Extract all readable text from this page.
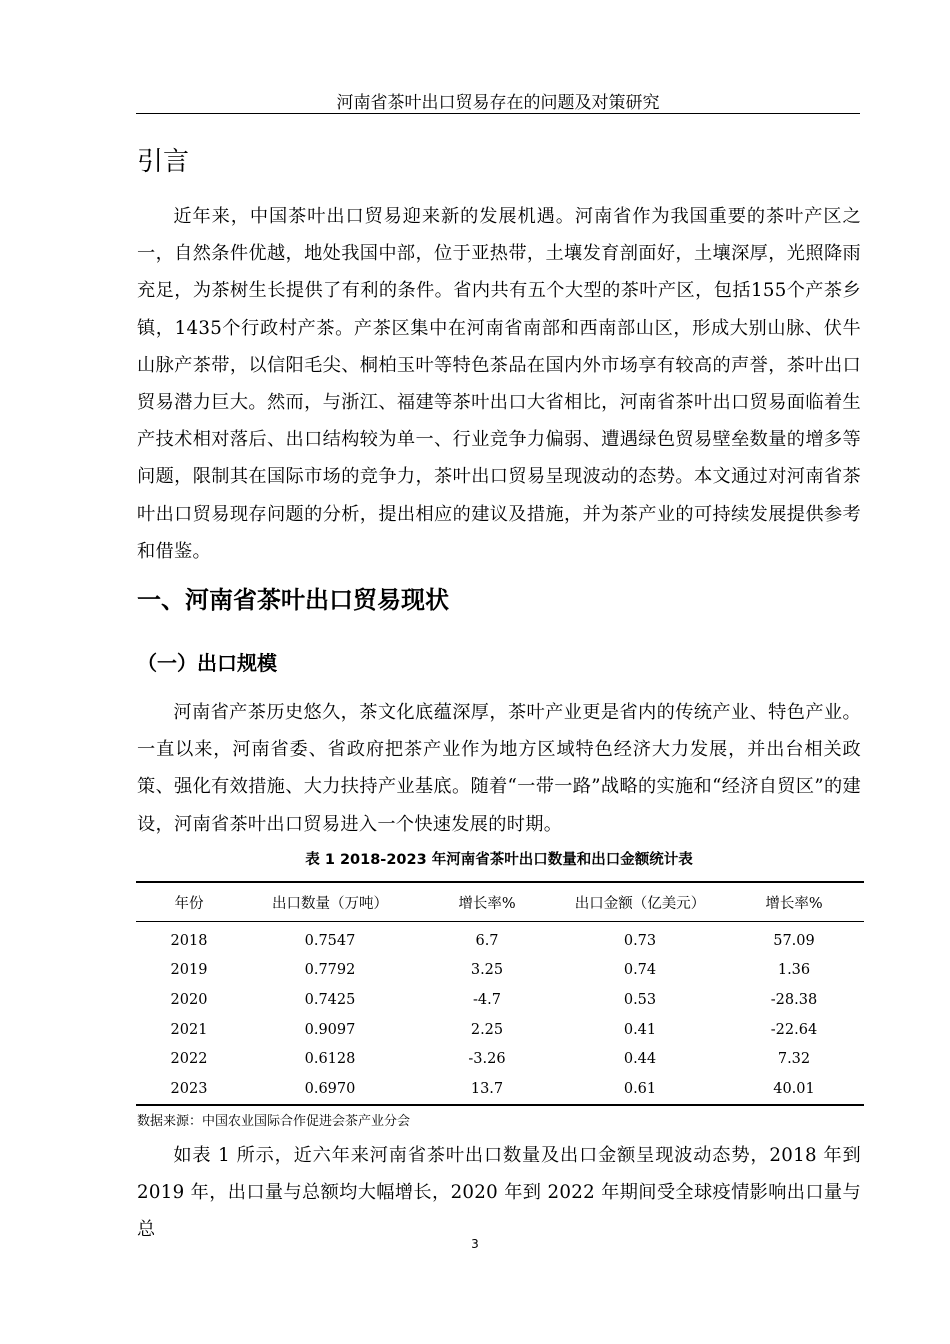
河南省茶叶出口贸易存在的问题及对策研究
引言

近年来，中国茶叶出口贸易迎来新的发展机遇。河南省作为我国重要的茶叶产区之一，自然条件优越，地处我国中部，位于亚热带，土壤发育剖面好，土壤深厚，光照降雨充足，为茶树生长提供了有利的条件。省内共有五个大型的茶叶产区，包括155个产茶乡镇，1435个行政村产茶。产茶区集中在河南省南部和西南部山区，形成大别山脉、伏牛山脉产茶带，以信阳毛尖、桐柏玉叶等特色茶品在国内外市场享有较高的声誉，茶叶出口贸易潜力巨大。然而，与浙江、福建等茶叶出口大省相比，河南省茶叶出口贸易面临着生产技术相对落后、出口结构较为单一、行业竞争力偏弱、遭遇绿色贸易壁垒数量的增多等问题，限制其在国际市场的竞争力，茶叶出口贸易呈现波动的态势。本文通过对河南省茶叶出口贸易现存问题的分析，提出相应的建议及措施，并为茶产业的可持续发展提供参考和借鉴。

一、河南省茶叶出口贸易现状
（一）出口规模

河南省产茶历史悠久，茶文化底蕴深厚，茶叶产业更是省内的传统产业、特色产业。一直以来，河南省委、省政府把茶产业作为地方区域特色经济大力发展，并出台相关政策、强化有效措施、大力扶持产业基底。随着“一带一路”战略的实施和“经济自贸区”的建设，河南省茶叶出口贸易进入一个快速发展的时期。

表 1 2018-2023 年河南省茶叶出口数量和出口金额统计表
年份	出口数量（万吨）	增长率%	出口金额（亿美元）	增长率%
2018	0.7547	6.7	0.73	57.09
2019	0.7792	3.25	0.74	1.36
2020	0.7425	-4.7	0.53	-28.38
2021	0.9097	2.25	0.41	-22.64
2022	0.6128	-3.26	0.44	7.32
2023	0.6970	13.7	0.61	40.01
数据来源：中国农业国际合作促进会茶产业分会

如表 1 所示，近六年来河南省茶叶出口数量及出口金额呈现波动态势，2018 年到 2019 年，出口量与总额均大幅增长，2020 年到 2022 年期间受全球疫情影响出口量与总

3
